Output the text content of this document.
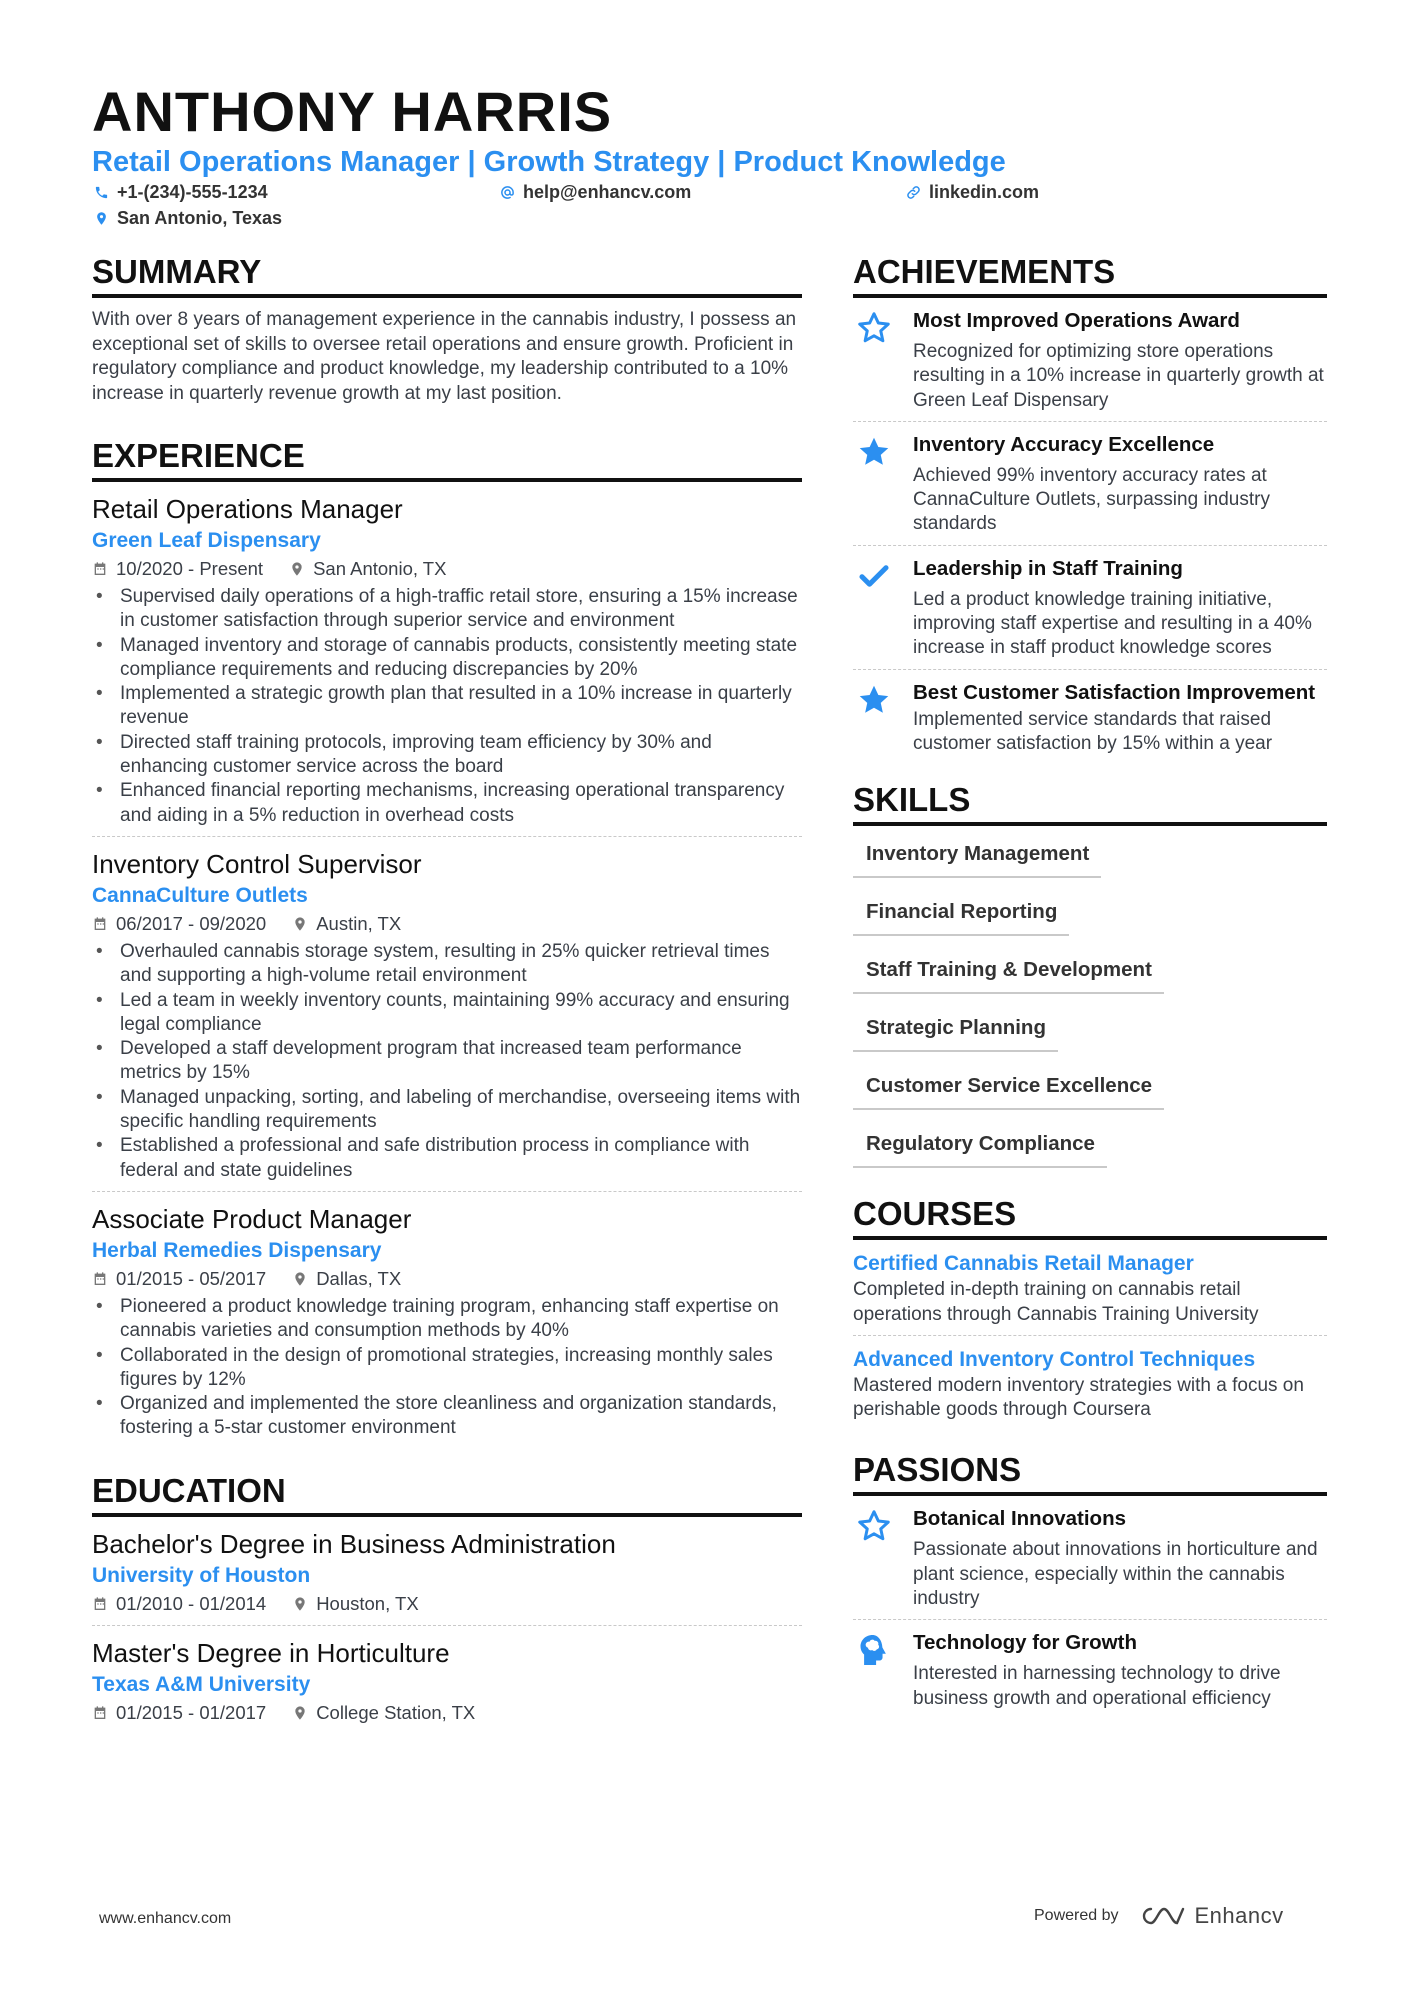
ANTHONY HARRIS
Retail Operations Manager | Growth Strategy | Product Knowledge
+1-(234)-555-1234	help@enhancv.com	linkedin.com
San Antonio, Texas
SUMMARY

With over 8 years of management experience in the cannabis industry, I possess an exceptional set of skills to oversee retail operations and ensure growth. Proficient in regulatory compliance and product knowledge, my leadership contributed to a 10% increase in quarterly revenue growth at my last position.

EXPERIENCE
Retail Operations Manager
Green Leaf Dispensary
10/2020 - Present	San Antonio, TX
• Supervised daily operations of a high-traffic retail store, ensuring a 15% increase in customer satisfaction through superior service and environment
• Managed inventory and storage of cannabis products, consistently meeting state compliance requirements and reducing discrepancies by 20%
• Implemented a strategic growth plan that resulted in a 10% increase in quarterly revenue
• Directed staff training protocols, improving team efficiency by 30% and enhancing customer service across the board
• Enhanced financial reporting mechanisms, increasing operational transparency and aiding in a 5% reduction in overhead costs
Inventory Control Supervisor
CannaCulture Outlets
06/2017 - 09/2020	Austin, TX
• Overhauled cannabis storage system, resulting in 25% quicker retrieval times and supporting a high-volume retail environment
• Led a team in weekly inventory counts, maintaining 99% accuracy and ensuring legal compliance
• Developed a staff development program that increased team performance metrics by 15%
• Managed unpacking, sorting, and labeling of merchandise, overseeing items with specific handling requirements
• Established a professional and safe distribution process in compliance with federal and state guidelines
Associate Product Manager
Herbal Remedies Dispensary
01/2015 - 05/2017	Dallas, TX
• Pioneered a product knowledge training program, enhancing staff expertise on cannabis varieties and consumption methods by 40%
• Collaborated in the design of promotional strategies, increasing monthly sales figures by 12%
• Organized and implemented the store cleanliness and organization standards, fostering a 5-star customer environment
EDUCATION
Bachelor's Degree in Business Administration
University of Houston
01/2010 - 01/2014	Houston, TX
Master's Degree in Horticulture
Texas A&M University
01/2015 - 01/2017	College Station, TX
ACHIEVEMENTS
Most Improved Operations Award
Recognized for optimizing store operations resulting in a 10% increase in quarterly growth at Green Leaf Dispensary
Inventory Accuracy Excellence
Achieved 99% inventory accuracy rates at CannaCulture Outlets, surpassing industry standards
Leadership in Staff Training
Led a product knowledge training initiative, improving staff expertise and resulting in a 40% increase in staff product knowledge scores
Best Customer Satisfaction Improvement
Implemented service standards that raised customer satisfaction by 15% within a year
SKILLS
Inventory Management
Financial Reporting
Staff Training & Development
Strategic Planning
Customer Service Excellence
Regulatory Compliance
COURSES
Certified Cannabis Retail Manager
Completed in-depth training on cannabis retail operations through Cannabis Training University
Advanced Inventory Control Techniques
Mastered modern inventory strategies with a focus on perishable goods through Coursera
PASSIONS
Botanical Innovations
Passionate about innovations in horticulture and plant science, especially within the cannabis industry
Technology for Growth
Interested in harnessing technology to drive business growth and operational efficiency
www.enhancv.com	Powered by	Enhancv
